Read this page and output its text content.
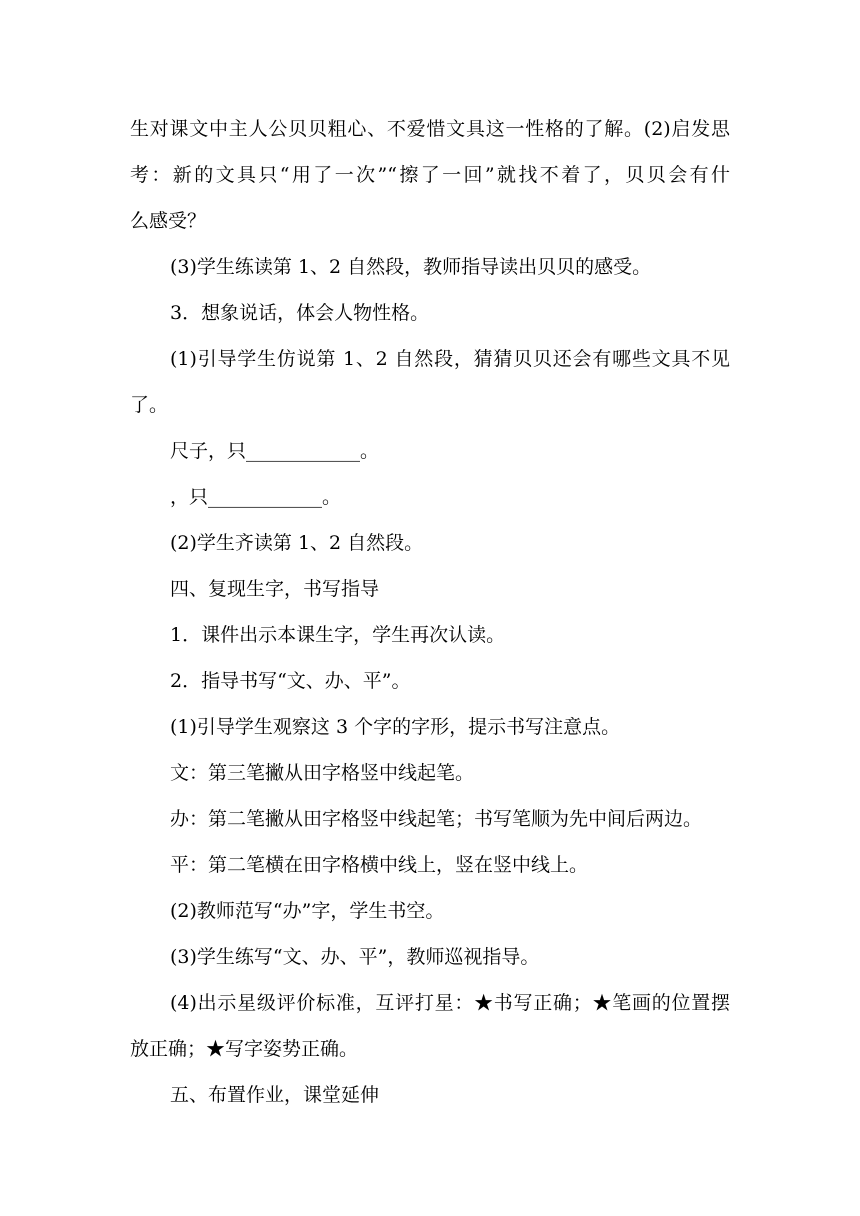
生对课文中主人公贝贝粗心、不爱惜文具这一性格的了解。(2)启发思
考：新的文具只“用了一次”“擦了一回”就找不着了，贝贝会有什
么感受？
(3)学生练读第 1、2 自然段，教师指导读出贝贝的感受。
3．想象说话，体会人物性格。
(1)引导学生仿说第 1、2 自然段，猜猜贝贝还会有哪些文具不见
了。
尺子，只____________。
，只____________。
(2)学生齐读第 1、2 自然段。
四、复现生字，书写指导
1．课件出示本课生字，学生再次认读。
2．指导书写“文、办、平”。
(1)引导学生观察这 3 个字的字形，提示书写注意点。
文：第三笔撇从田字格竖中线起笔。
办：第二笔撇从田字格竖中线起笔；书写笔顺为先中间后两边。
平：第二笔横在田字格横中线上，竖在竖中线上。
(2)教师范写“办”字，学生书空。
(3)学生练写“文、办、平”，教师巡视指导。
(4)出示星级评价标准，互评打星：★书写正确；★笔画的位置摆
放正确；★写字姿势正确。
五、布置作业，课堂延伸
